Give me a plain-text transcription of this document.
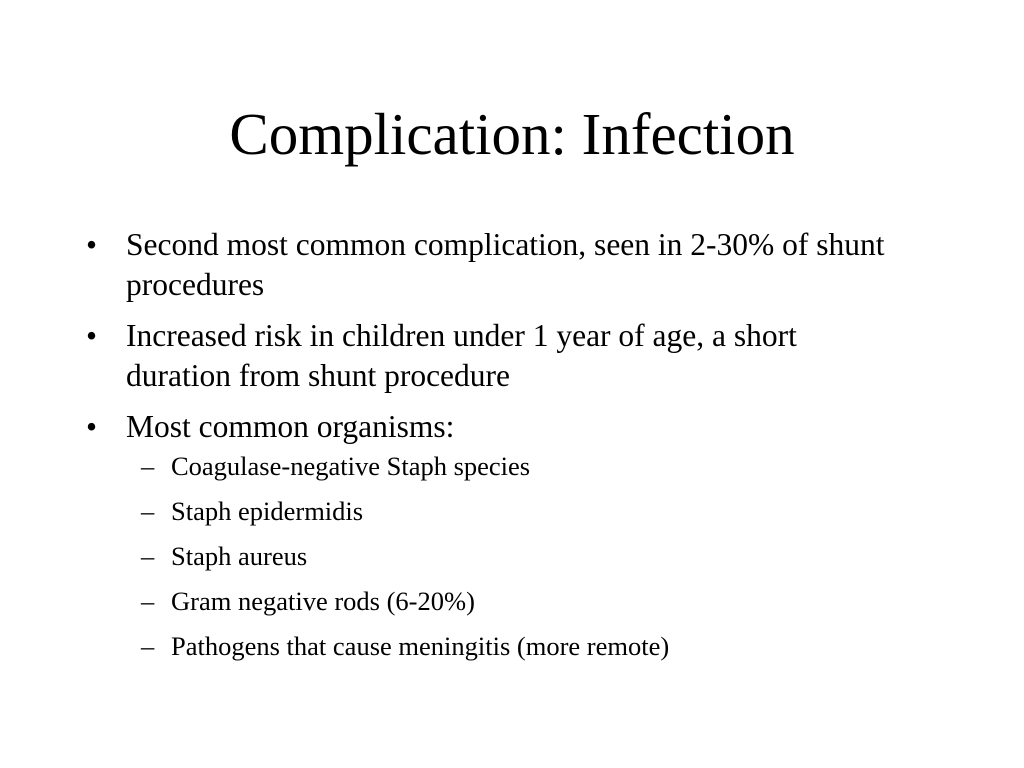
Complication: Infection
• Second most common complication, seen in 2-30% of shunt procedures
• Increased risk in children under 1 year of age, a short duration from shunt procedure
• Most common organisms:
– Coagulase-negative Staph species
– Staph epidermidis
– Staph aureus
– Gram negative rods (6-20%)
– Pathogens that cause meningitis (more remote)
